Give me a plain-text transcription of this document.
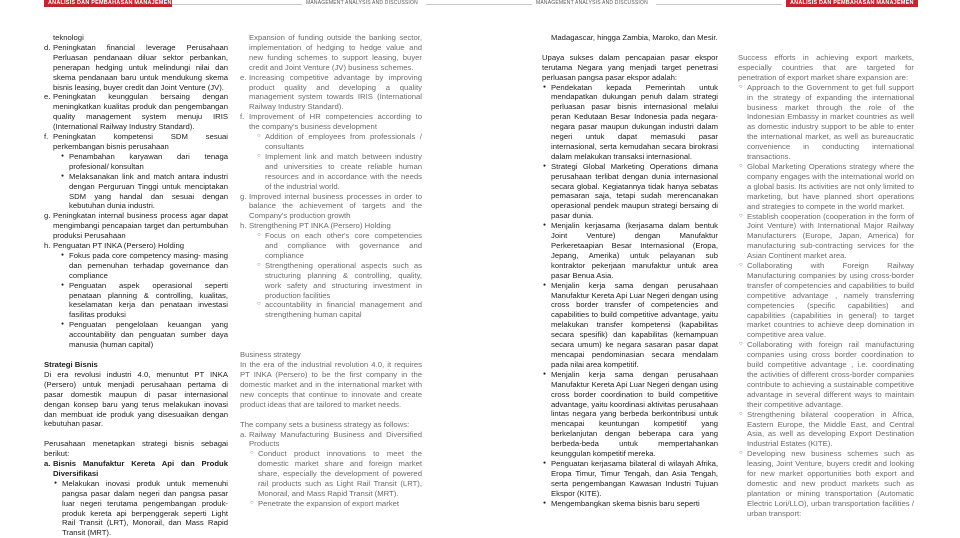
ANALISIS DAN PEMBAHASAN MANAJEMEN	MANAGEMENT ANALYSIS AND DISCUSSION	MANAGEMENT ANALYSIS AND DISCUSSION	ANALISIS DAN PEMBAHASAN MANAJEMEN

teknologi

d. Peningkatan financial leverage Perusahaan Perluasan pendanaan diluar sektor perbankan, penerapan hedging untuk melindungi nilai dan skema pendanaan baru untuk mendukung skema bisnis leasing, buyer credit dan Joint Venture (JV).
e. Peningkatan keunggulan bersaing dengan meningkatkan kualitas produk dan pengembangan quality management system menuju IRIS (International Railway Industry Standard).
f. Peningkatan kompetensi SDM sesuai perkembangan bisnis perusahaan
● Penambahan karyawan dari tenaga profesional/ konsultan
● Melaksanakan link and match antara industri dengan Perguruan Tinggi untuk menciptakan SDM yang handal dan sesuai dengan kebutuhan dunia industri.
g. Peningkatan internal business process agar dapat mengimbangi pencapaian target dan pertumbuhan produksi Perusahaan
h. Penguatan PT INKA (Persero) Holding
● Fokus pada core competency masing- masing dan pemenuhan terhadap governance dan compliance
● Penguatan aspek operasional seperti penataan planning & controlling, kualitas, keselamatan kerja dan penataan investasi fasilitas produksi
● Penguatan pengelolaan keuangan yang accountability dan penguatan sumber daya manusia (human capital)

Strategi Bisnis

Di era revolusi industri 4.0, menuntut PT INKA (Persero) untuk menjadi perusahaan pertama di pasar domestik maupun di pasar internasional dengan konsep baru yang terus melakukan inovasi dan membuat ide produk yang disesuaikan dengan kebutuhan pasar.

Perusahaan menetapkan strategi bisnis sebagai berikut:

a. Bisnis Manufaktur Kereta Api dan Produk Diversifikasi
● Melakukan inovasi produk untuk memenuhi pangsa pasar dalam negeri dan pangsa pasar luar negeri terutama pengembangan produk-produk kereta api berpenggerak seperti Light Rail Transit (LRT), Monorail, dan Mass Rapid Transit (MRT).

Expansion of funding outside the banking sector, implementation of hedging to hedge value and new funding schemes to support leasing, buyer credit and Joint Venture (JV) business schemes.

e. Increasing competitive advantage by improving product quality and developing a quality management system towards IRIS (International Railway Industry Standard).
f. Improvement of HR competencies according to the company's business development
○ Addition of employees from professionals / consultants
○ Implement link and match between industry and universities to create reliable human resources and in accordance with the needs of the industrial world.
g. Improved internal business processes in order to balance the achievement of targets and the Company's production growth
h. Strengthening PT INKA (Persero) Holding
○ Focus on each other's core competencies and compliance with governance and compliance
○ Strengthening operational aspects such as structuring planning & controlling, quality, work safety and structuring investment in production facilities
○ accountability in financial management and strengthening human capital

Business strategy

In the era of the industrial revolution 4.0, it requires PT INKA (Persero) to be the first company in the domestic market and in the international market with new concepts that continue to innovate and create product ideas that are tailored to market needs.

The company sets a business strategy as follows:

a. Railway Manufacturing Business and Diversified Products
○ Conduct product innovations to meet the domestic market share and foreign market share, especially the development of powered rail products such as Light Rail Transit (LRT), Monorail, and Mass Rapid Transit (MRT).
○ Penetrate the expansion of export market

Madagascar, hingga Zambia, Maroko, dan Mesir.

Upaya sukses dalam pencapaian pasar ekspor terutama Negara yang menjadi target penetrasi perluasan pangsa pasar ekspor adalah:

● Pendekatan kepada Pemerintah untuk mendapatkan dukungan penuh dalam strategi perluasan pasar bisnis internasional melalui peran Kedutaan Besar Indonesia pada negara-negara pasar maupun dukungan industri dalam negeri untuk dapat memasuki pasar internasional, serta kemudahan secara birokrasi dalam melakukan transaksi internasional.
● Strategi Global Marketing Operations dimana perusahaan terlibat dengan dunia internasional secara global. Kegiatannya tidak hanya sebatas pemasaran saja, tetapi sudah merencanakan operasional pendek maupun strategi bersaing di pasar dunia.
● Menjalin kerjasama (kerjasama dalam bentuk Joint Venture) dengan Manufaktur Perkeretaapian Besar Internasional (Eropa, Jepang, Amerika) untuk pelayanan sub kontraktor pekerjaan manufaktur untuk area pasar Benua Asia.
● Menjalin kerja sama dengan perusahaan Manufaktur Kereta Api Luar Negeri dengan using cross border transfer of competencies and capabilities to build competitive advantage, yaitu melakukan transfer kompetensi (kapabilitas secara spesifik) dan kapabilitas (kemampuan secara umum) ke negara sasaran pasar dapat mencapai pendominasian secara mendalam pada nilai area kompetitif.
● Menjalin kerja sama dengan perusahaan Manufaktur Kereta Api Luar Negeri dengan using cross border coordination to build competitive advantage, yaitu koordinasi aktivitas perusahaan lintas negara yang berbeda berkontribusi untuk mencapai keuntungan kompetitif yang berkelanjutan dengan beberapa cara yang berbeda-beda untuk mempertahankan keunggulan kompetitif mereka.
● Penguatan kerjasama bilateral di wilayah Afrika, Eropa Timur, Timur Tengah, dan Asia Tengah, serta pengembangan Kawasan Industri Tujuan Ekspor (KITE).
● Mengembangkan skema bisnis baru seperti

Success efforts in achieving export markets, especially countries that are targeted for penetration of export market share expansion are:

○ Approach to the Government to get full support in the strategy of expanding the international business market through the role of the Indonesian Embassy in market countries as well as domestic industry support to be able to enter the international market, as well as bureaucratic convenience in conducting international transactions.
○ Global Marketing Operations strategy where the company engages with the international world on a global basis. Its activities are not only limited to marketing, but have planned short operations and strategies to compete in the world market.
○ Establish cooperation (cooperation in the form of Joint Venture) with International Major Railway Manufacturers (Europe, Japan, America) for manufacturing sub-contracting services for the Asian Continent market area.
○ Collaborating with Foreign Railway Manufacturing companies by using cross-border transfer of competencies and capabilities to build competitive advantage , namely transferring competencies (specific capabilities) and capabilities (capabilities in general) to target market countries to achieve deep domination in competitive area value.
○ Collaborating with foreign rail manufacturing companies using cross border coordination to build competitive advantage , i.e. coordinating the activities of different cross-border companies contribute to achieving a sustainable competitive advantage in several different ways to maintain their competitive advantage.
○ Strengthening bilateral cooperation in Africa, Eastern Europe, the Middle East, and Central Asia, as well as developing Export Destination Industrial Estates (KITE).
○ Developing new business schemes such as leasing, Joint Venture, buyers credit and looking for new market opportunities both export and domestic and new product markets such as plantation or mining transportation (Automatic Electric Lori/LLO), urban transportation facilities / urban transport:
